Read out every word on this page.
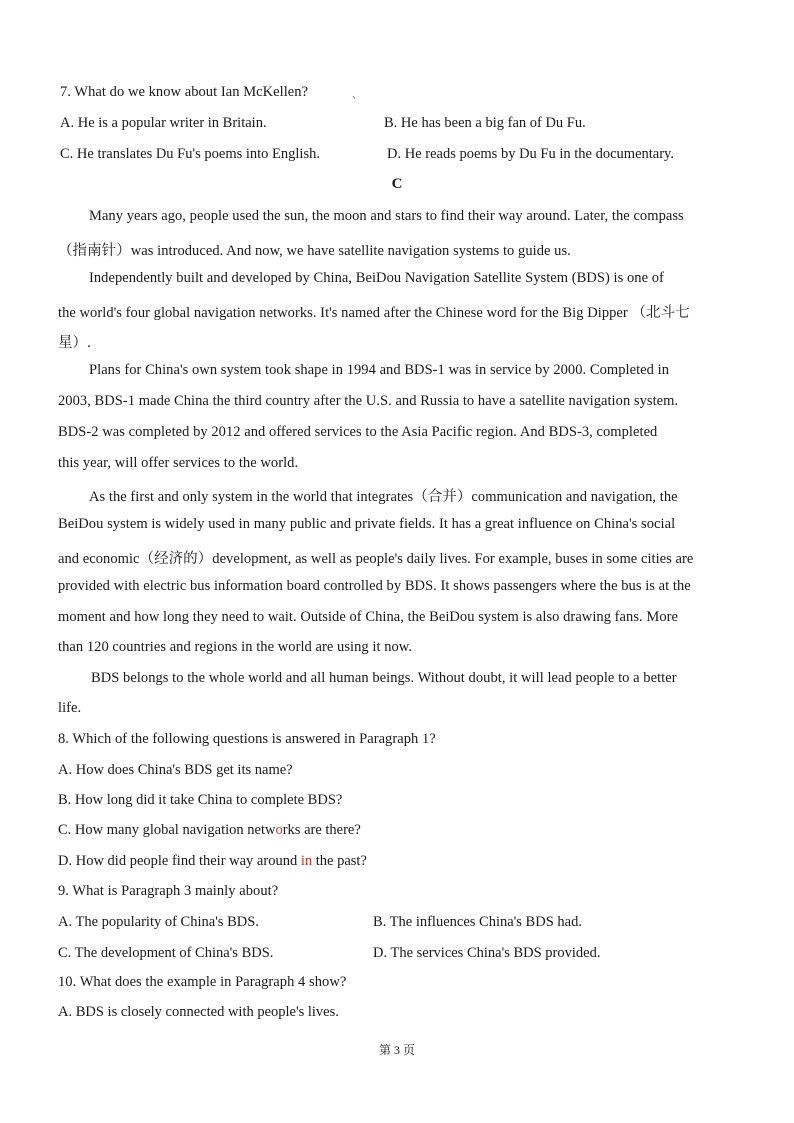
7. What do we know about Ian McKellen?	、
A. He is a popular writer in Britain.	B. He has been a big fan of Du Fu.
C. He translates Du Fu's poems into English.	D. He reads poems by Du Fu in the documentary.
C
Many years ago, people used the sun, the moon and stars to find their way around. Later, the compass
（指南针）was introduced. And now, we have satellite navigation systems to guide us.
Independently built and developed by China, BeiDou Navigation Satellite System (BDS) is one of
the world's four global navigation networks. It's named after the Chinese word for the Big Dipper （北斗七
星）.
Plans for China's own system took shape in 1994 and BDS-1 was in service by 2000. Completed in
2003, BDS-1 made China the third country after the U.S. and Russia to have a satellite navigation system.
BDS-2 was completed by 2012 and offered services to the Asia Pacific region. And BDS-3, completed
this year, will offer services to the world.
As the first and only system in the world that integrates（合并）communication and navigation, the
BeiDou system is widely used in many public and private fields. It has a great influence on China's social
and economic（经济的）development, as well as people's daily lives. For example, buses in some cities are
provided with electric bus information board controlled by BDS. It shows passengers where the bus is at the
moment and how long they need to wait. Outside of China, the BeiDou system is also drawing fans. More
than 120 countries and regions in the world are using it now.
BDS belongs to the whole world and all human beings. Without doubt, it will lead people to a better
life.
8. Which of the following questions is answered in Paragraph 1?
A. How does China's BDS get its name?
B. How long did it take China to complete BDS?
C. How many global navigation networks are there?
D. How did people find their way around in the past?
9. What is Paragraph 3 mainly about?
A. The popularity of China's BDS.	B. The influences China's BDS had.
C. The development of China's BDS.	D. The services China's BDS provided.
10. What does the example in Paragraph 4 show?
A. BDS is closely connected with people's lives.
第 3 页
